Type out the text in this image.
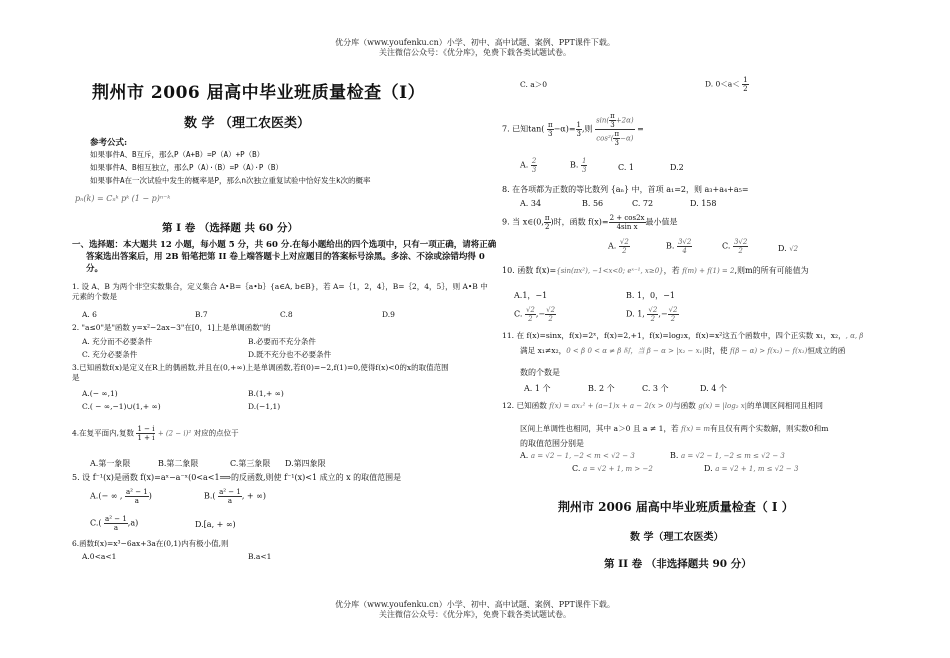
优分库（www.youfenku.cn）小学、初中、高中试题、案例、PPT课件下载。
关注微信公众号：《优分库》，免费下载各类试题试卷。
荆州市 2006 届高中毕业班质量检查（I）
数 学 （理工农医类）
参考公式:
如果事件A、B互斥，那么P（A+B）=P（A）+P（B）
如果事件A、B相互独立，那么P（A）·（B）=P（A）·P（B）
如果事件A在一次试验中发生的概率是P，那么n次独立重复试验中恰好发生k次的概率
pₙ(k) = Cₙᵏ pᵏ (1 − p)ⁿ⁻ᵏ
第 I 卷 （选择题 共 60 分）
一、选择题：本大题共 12 小题，每小题 5 分，共 60 分.在每小题给出的四个选项中，只有一项正确，请将正确答案选出答案后，用 2B 铅笔把第 II 卷上端答题卡上对应题目的答案标号涂黑。多涂、不涂或涂错均得 0 分。
1. 设 A、B 为两个非空实数集合，定义集合 A•B=｛a•b｝{a∈A, b∈B}，若 A=｛1，2，4｝，B=｛2，4，5｝，则 A•B 中元素的个数是
A. 6	B.7	C.8	D.9
2. "a≤0"是"函数 y=x²−2ax−3"在[0，1]上是单调函数"的
A. 充分而不必要条件	B.必要而不充分条件
C. 充分必要条件	D.既不充分也不必要条件
3.已知函数f(x)是定义在R上的偶函数,并且在(0,+∞)上是单调函数,若f(0)=−2,f(1)=0,使得f(x)<0的x的取值范围是
A.(− ∞,1)	B.(1,+ ∞)
C.( − ∞,−1)∪(1,+ ∞)	D.(−1,1)
4.在复平面内,复数 $\frac{1 - i}{1 + i} + (2 - i)^2$ 对应的点位于
A.第一象限	B.第二象限	C.第三象限 D.第四象限
5. 设 f⁻¹(x)是函数 f(x)=aˣ−a⁻ˣ(0<a<1⟹的反函数,则使 f⁻¹(x)<1 成立的 x 的取值范围是
A.(− ∞ , $\frac{\text{a² − 1}}{a}$ )	$B.( \frac{\text{a² − 1}}{a}$ , + ∞)
$C.( \frac{\text{a² − 1}}{a} ,a)$	D.[a, + ∞)
6.函数f(x)=x³−6ax+3a在(0,1)内有极小值,则
A.0<a<1	B.a<1
C. a＞0	D. $0<a< \frac{1}{2}$
7. 已知$\tan( \frac{\pi}{3} -\alpha)= \frac{1}{3}$ ,则 $\frac{\sin( \frac{\pi}{3} +2\alpha)}{\cos^2( \frac{\pi}{3} -\alpha)}$ =
A. $\frac{2}{3}$	B. $\frac{1}{3}$	C. 1	D.2
8. 在各项都为正数的等比数列 {aₙ} 中，首项 a₁=2，则 a₃+a₄+a₅=
A. 34	B. 56	C. 72	D. 158
9. 当 x∈(0, $\frac{\pi}{2}$ )时，函数 $f(x)= \frac{2 + \cos 2x}{\text{4sin x}}$ 最小值是
A. $\frac{√2}{2}$	B. $\frac{3√2}{4}$	C. $\frac{3√2}{2}$	D. √2
10. 函数 f(x)={sin(πx²), −1<x<0; eˣ⁻¹, x≥0}，若 f(m) + f(1) = 2,则m的所有可能值为
A.1，−1	B. 1，0，−1
C. $\frac{√2}{2}$ ,− $\frac{√2}{2}$	D. 1, $\frac{√2}{2}$ ,− $\frac{√2}{2}$
11. 在 f(x)=sinx，f(x)=2ˣ，f(x)=2,+1，f(x)=log₂x，f(x)=x²这五个函数中，四个正实数 x₁，x₂，, α, β
满足 x₁≠x₂，0 < β 0 < α ≠ β 时，当 β − α > |x₂ − x₁|时，使 f(β − α) > f(x₂) − f(x₁)恒成立的函
数的个数是
A. 1 个	B. 2 个	C. 3 个	D. 4 个
12. 已知函数 f(x) = ax₁² + (a−1)x + a − 2(x > 0)与函数 g(x) = |log₂ x|的单调区间相同且相同
区间上单调性也相同，其中 a＞0 且 a ≠ 1，若 f(x) = m有且仅有两个实数解，则实数0和m
的取值范围分别是
A. a = √2 − 1, −2 < m < √2 − 3	B. a = √2 − 1, −2 ≤ m ≤ √2 − 3
C. a = √2 + 1, m > −2	D. a = √2 + 1, m ≤ √2 − 3
荆州市 2006 届高中毕业班质量检查（ I ）
数 学（理工农医类）
第 II 卷 （非选择题共 90 分）
优分库（www.youfenku.cn）小学、初中、高中试题、案例、PPT课件下载。
关注微信公众号：《优分库》，免费下载各类试题试卷。
